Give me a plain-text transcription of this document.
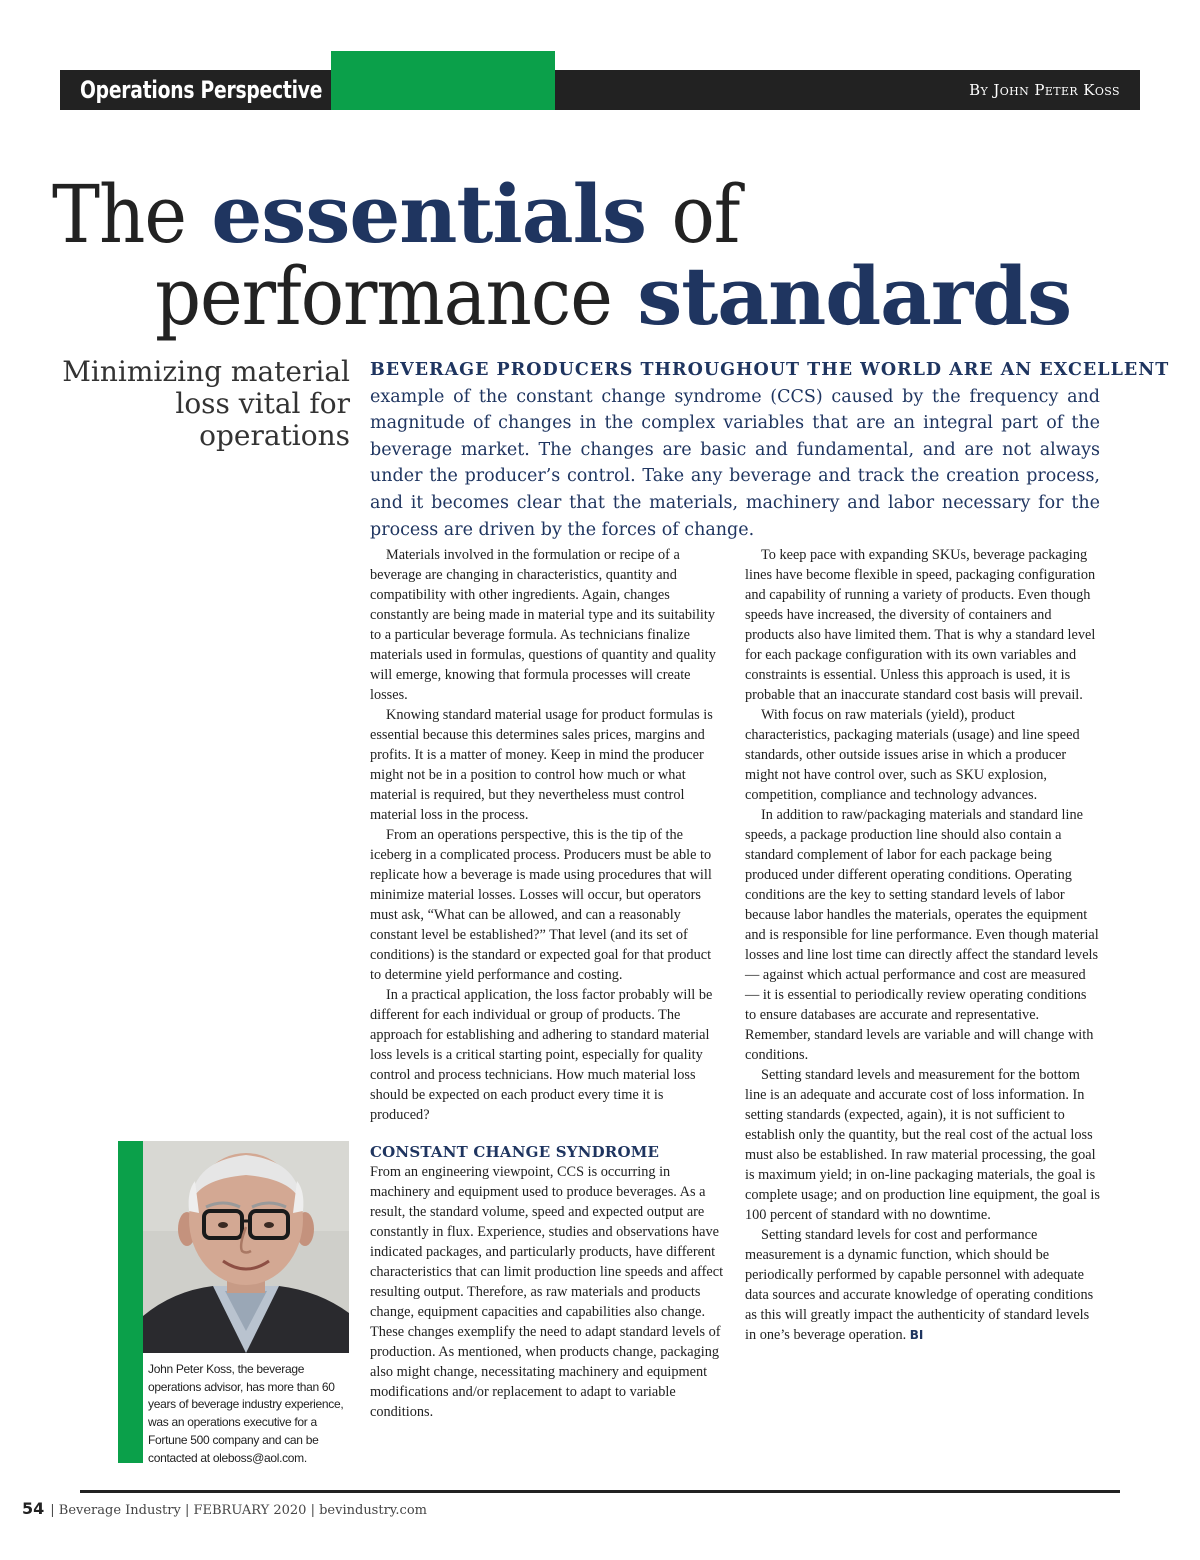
Operations Perspective	By John Peter Koss
The essentials of
performance standards
Minimizing material
loss vital for
operations
BEVERAGE PRODUCERS THROUGHOUT THE WORLD ARE AN EXCELLENT
example of the constant change syndrome (CCS) caused by the frequency and
magnitude of changes in the complex variables that are an integral part of the
beverage market. The changes are basic and fundamental, and are not always
under the producer’s control. Take any beverage and track the creation process,
and it becomes clear that the materials, machinery and labor necessary for the
process are driven by the forces of change.

Materials involved in the formulation or recipe of a beverage are changing in characteristics, quantity and compatibility with other ingredients. Again, changes constantly are being made in material type and its suitability to a particular beverage formula. As technicians finalize materials used in formulas, questions of quantity and quality will emerge, knowing that formula processes will create losses.

Knowing standard material usage for product formulas is essential because this determines sales prices, margins and profits. It is a matter of money. Keep in mind the producer might not be in a position to control how much or what material is required, but they nevertheless must control material loss in the process.

From an operations perspective, this is the tip of the iceberg in a complicated process. Producers must be able to replicate how a beverage is made using procedures that will minimize material losses. Losses will occur, but operators must ask, “What can be allowed, and can a reasonably constant level be established?” That level (and its set of conditions) is the standard or expected goal for that product to determine yield performance and costing.

In a practical application, the loss factor probably will be different for each individual or group of products. The approach for establishing and adhering to standard material loss levels is a critical starting point, especially for quality control and process technicians. How much material loss should be expected on each product every time it is produced?

CONSTANT CHANGE SYNDROME

From an engineering viewpoint, CCS is occurring in machinery and equipment used to produce beverages. As a result, the standard volume, speed and expected output are constantly in flux. Experience, studies and observations have indicated packages, and particularly products, have different characteristics that can limit production line speeds and affect resulting output. Therefore, as raw materials and products change, equipment capacities and capabilities also change. These changes exemplify the need to adapt standard levels of production. As mentioned, when products change, packaging also might change, necessitating machinery and equipment modifications and/or replacement to adapt to variable conditions.

To keep pace with expanding SKUs, beverage packaging lines have become flexible in speed, packaging configuration and capability of running a variety of products. Even though speeds have increased, the diversity of containers and products also have limited them. That is why a standard level for each package configuration with its own variables and constraints is essential. Unless this approach is used, it is probable that an inaccurate standard cost basis will prevail.

With focus on raw materials (yield), product characteristics, packaging materials (usage) and line speed standards, other outside issues arise in which a producer might not have control over, such as SKU explosion, competition, compliance and technology advances.

In addition to raw/packaging materials and standard line speeds, a package production line should also contain a standard complement of labor for each package being produced under different operating conditions. Operating conditions are the key to setting standard levels of labor because labor handles the materials, operates the equipment and is responsible for line performance. Even though material losses and line lost time can directly affect the standard levels — against which actual performance and cost are measured — it is essential to periodically review operating conditions to ensure databases are accurate and representative. Remember, standard levels are variable and will change with conditions.

Setting standard levels and measurement for the bottom line is an adequate and accurate cost of loss information. In setting standards (expected, again), it is not sufficient to establish only the quantity, but the real cost of the actual loss must also be established. In raw material processing, the goal is maximum yield; in on-line packaging materials, the goal is complete usage; and on production line equipment, the goal is 100 percent of standard with no downtime.

Setting standard levels for cost and performance measurement is a dynamic function, which should be periodically performed by capable personnel with adequate data sources and accurate knowledge of operating conditions as this will greatly impact the authenticity of standard levels in one’s beverage operation. BI

John Peter Koss, the beverage operations advisor, has more than 60 years of beverage industry experience, was an operations executive for a Fortune 500 company and can be contacted at oleboss@aol.com.
54 | Beverage Industry | FEBRUARY 2020 | bevindustry.com
